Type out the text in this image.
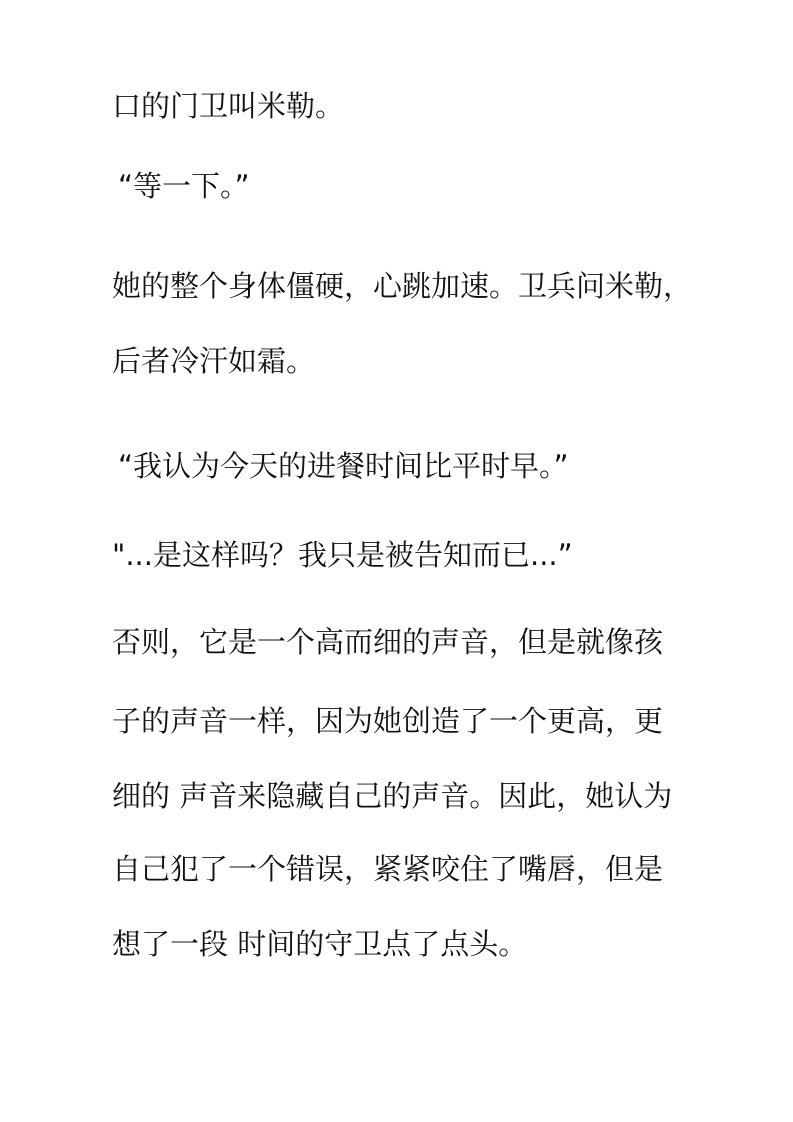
口的门卫叫米勒。
“等一下。”
她的整个身体僵硬，心跳加速。卫兵问米勒，
后者冷汗如霜。
“我认为今天的进餐时间比平时早。”
"...是这样吗？我只是被告知而已...”
否则，它是一个高而细的声音，但是就像孩
子的声音一样，因为她创造了一个更高，更
细的 声音来隐藏自己的声音。因此，她认为
自己犯了一个错误，紧紧咬住了嘴唇，但是
想了一段 时间的守卫点了点头。
